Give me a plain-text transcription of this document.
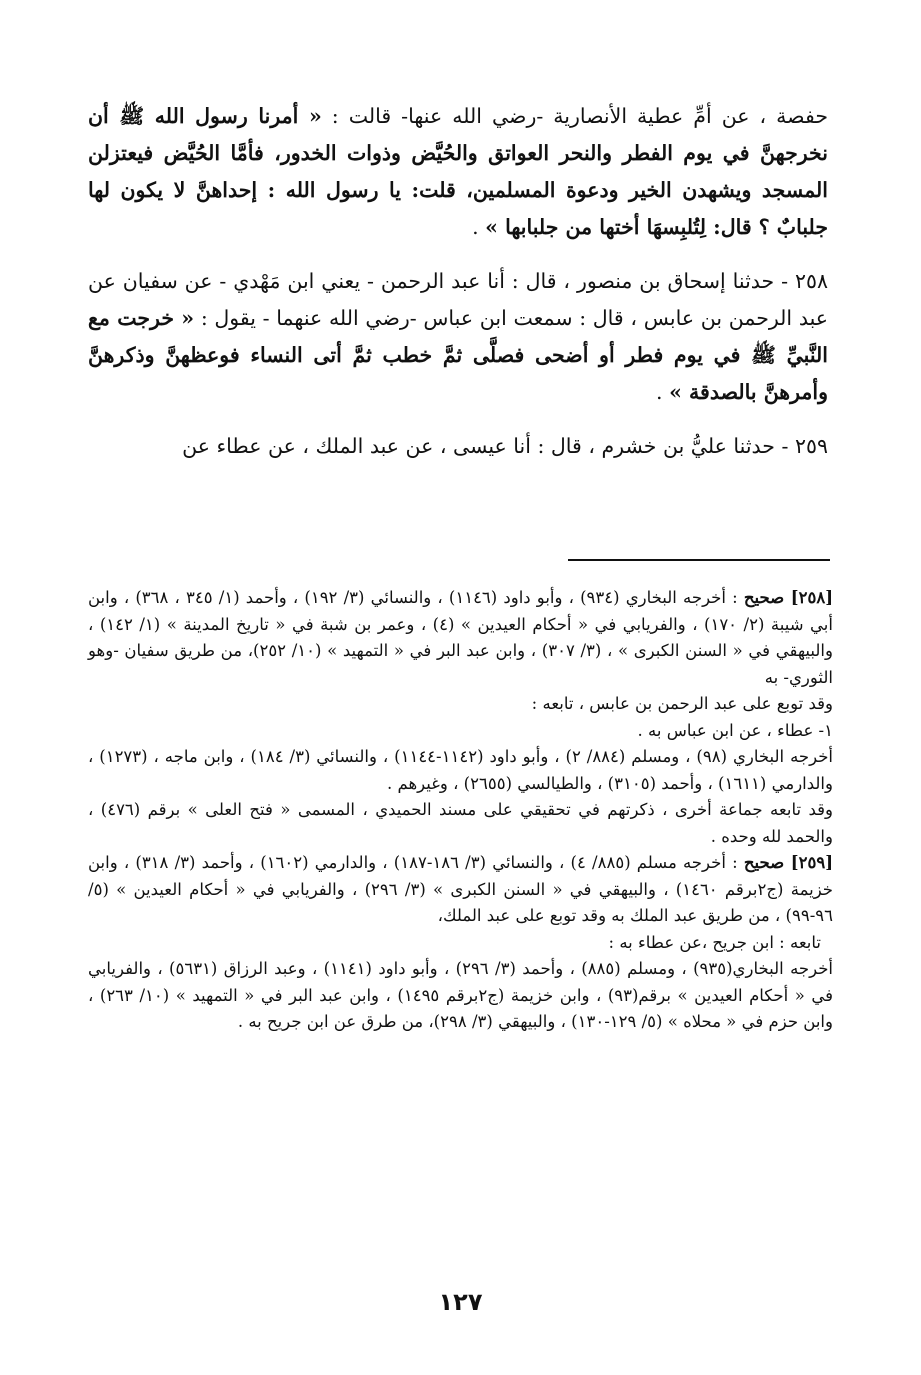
حفصة ، عن أمِّ عطية الأنصارية -رضي الله عنها- قالت : « أمرنا رسول الله ﷺ أن نخرجهنَّ في يوم الفطر والنحر العواتق والحُيَّض وذوات الخدور، فأمَّا الحُيَّض فيعتزلن المسجد ويشهدن الخير ودعوة المسلمين، قلت: يا رسول الله : إحداهنَّ لا يكون لها جلبابٌ ؟ قال: لِتُلبِسهَا أختها من جلبابها » .

٢٥٨ - حدثنا إسحاق بن منصور ، قال : أنا عبد الرحمن - يعني ابن مَهْدي - عن سفيان عن عبد الرحمن بن عابس ، قال : سمعت ابن عباس -رضي الله عنهما - يقول : « خرجت مع النَّبيِّ ﷺ في يوم فطر أو أضحى فصلَّى ثمَّ خطب ثمَّ أتى النساء فوعظهنَّ وذكرهنَّ وأمرهنَّ بالصدقة » .

٢٥٩ - حدثنا عليُّ بن خشرم ، قال : أنا عيسى ، عن عبد الملك ، عن عطاء عن

[٢٥٨] صحيح : أخرجه البخاري (٩٣٤) ، وأبو داود (١١٤٦) ، والنسائي (٣/ ١٩٢) ، وأحمد (١/ ٣٤٥ ، ٣٦٨) ، وابن أبي شيبة (٢/ ١٧٠) ، والفريابي في « أحكام العيدين » (٤) ، وعمر بن شبة في « تاريخ المدينة » (١/ ١٤٢) ، والبيهقي في « السنن الكبرى » ، (٣/ ٣٠٧) ، وابن عبد البر في « التمهيد » (١٠/ ٢٥٢)، من طريق سفيان -وهو الثوري- به

وقد توبع على عبد الرحمن بن عابس ، تابعه :

١- عطاء ، عن ابن عباس به .

أخرجه البخاري (٩٨) ، ومسلم (٨٨٤/ ٢) ، وأبو داود (١١٤٢-١١٤٤) ، والنسائي (٣/ ١٨٤) ، وابن ماجه ، (١٢٧٣) ، والدارمي (١٦١١) ، وأحمد (٣١٠٥) ، والطيالسي (٢٦٥٥) ، وغيرهم .

وقد تابعه جماعة أخرى ، ذكرتهم في تحقيقي على مسند الحميدي ، المسمى « فتح العلى » برقم (٤٧٦) ، والحمد لله وحده .

[٢٥٩] صحيح : أخرجه مسلم (٨٨٥/ ٤) ، والنسائي (٣/ ١٨٦-١٨٧) ، والدارمي (١٦٠٢) ، وأحمد (٣/ ٣١٨) ، وابن خزيمة (ج٢برقم ١٤٦٠) ، والبيهقي في « السنن الكبرى » (٣/ ٢٩٦) ، والفريابي في « أحكام العيدين » (٥/ ٩٦-٩٩) ، من طريق عبد الملك به وقد توبع على عبد الملك،

تابعه : ابن جريح ،عن عطاء به :

أخرجه البخاري(٩٣٥) ، ومسلم (٨٨٥) ، وأحمد (٣/ ٢٩٦) ، وأبو داود (١١٤١) ، وعبد الرزاق (٥٦٣١) ، والفريابي في « أحكام العيدين » برقم(٩٣) ، وابن خزيمة (ج٢برقم ١٤٩٥) ، وابن عبد البر في « التمهيد » (١٠/ ٢٦٣) ، وابن حزم في « محلاه » (٥/ ١٢٩-١٣٠) ، والبيهقي (٣/ ٢٩٨)، من طرق عن ابن جريح به .

١٢٧
